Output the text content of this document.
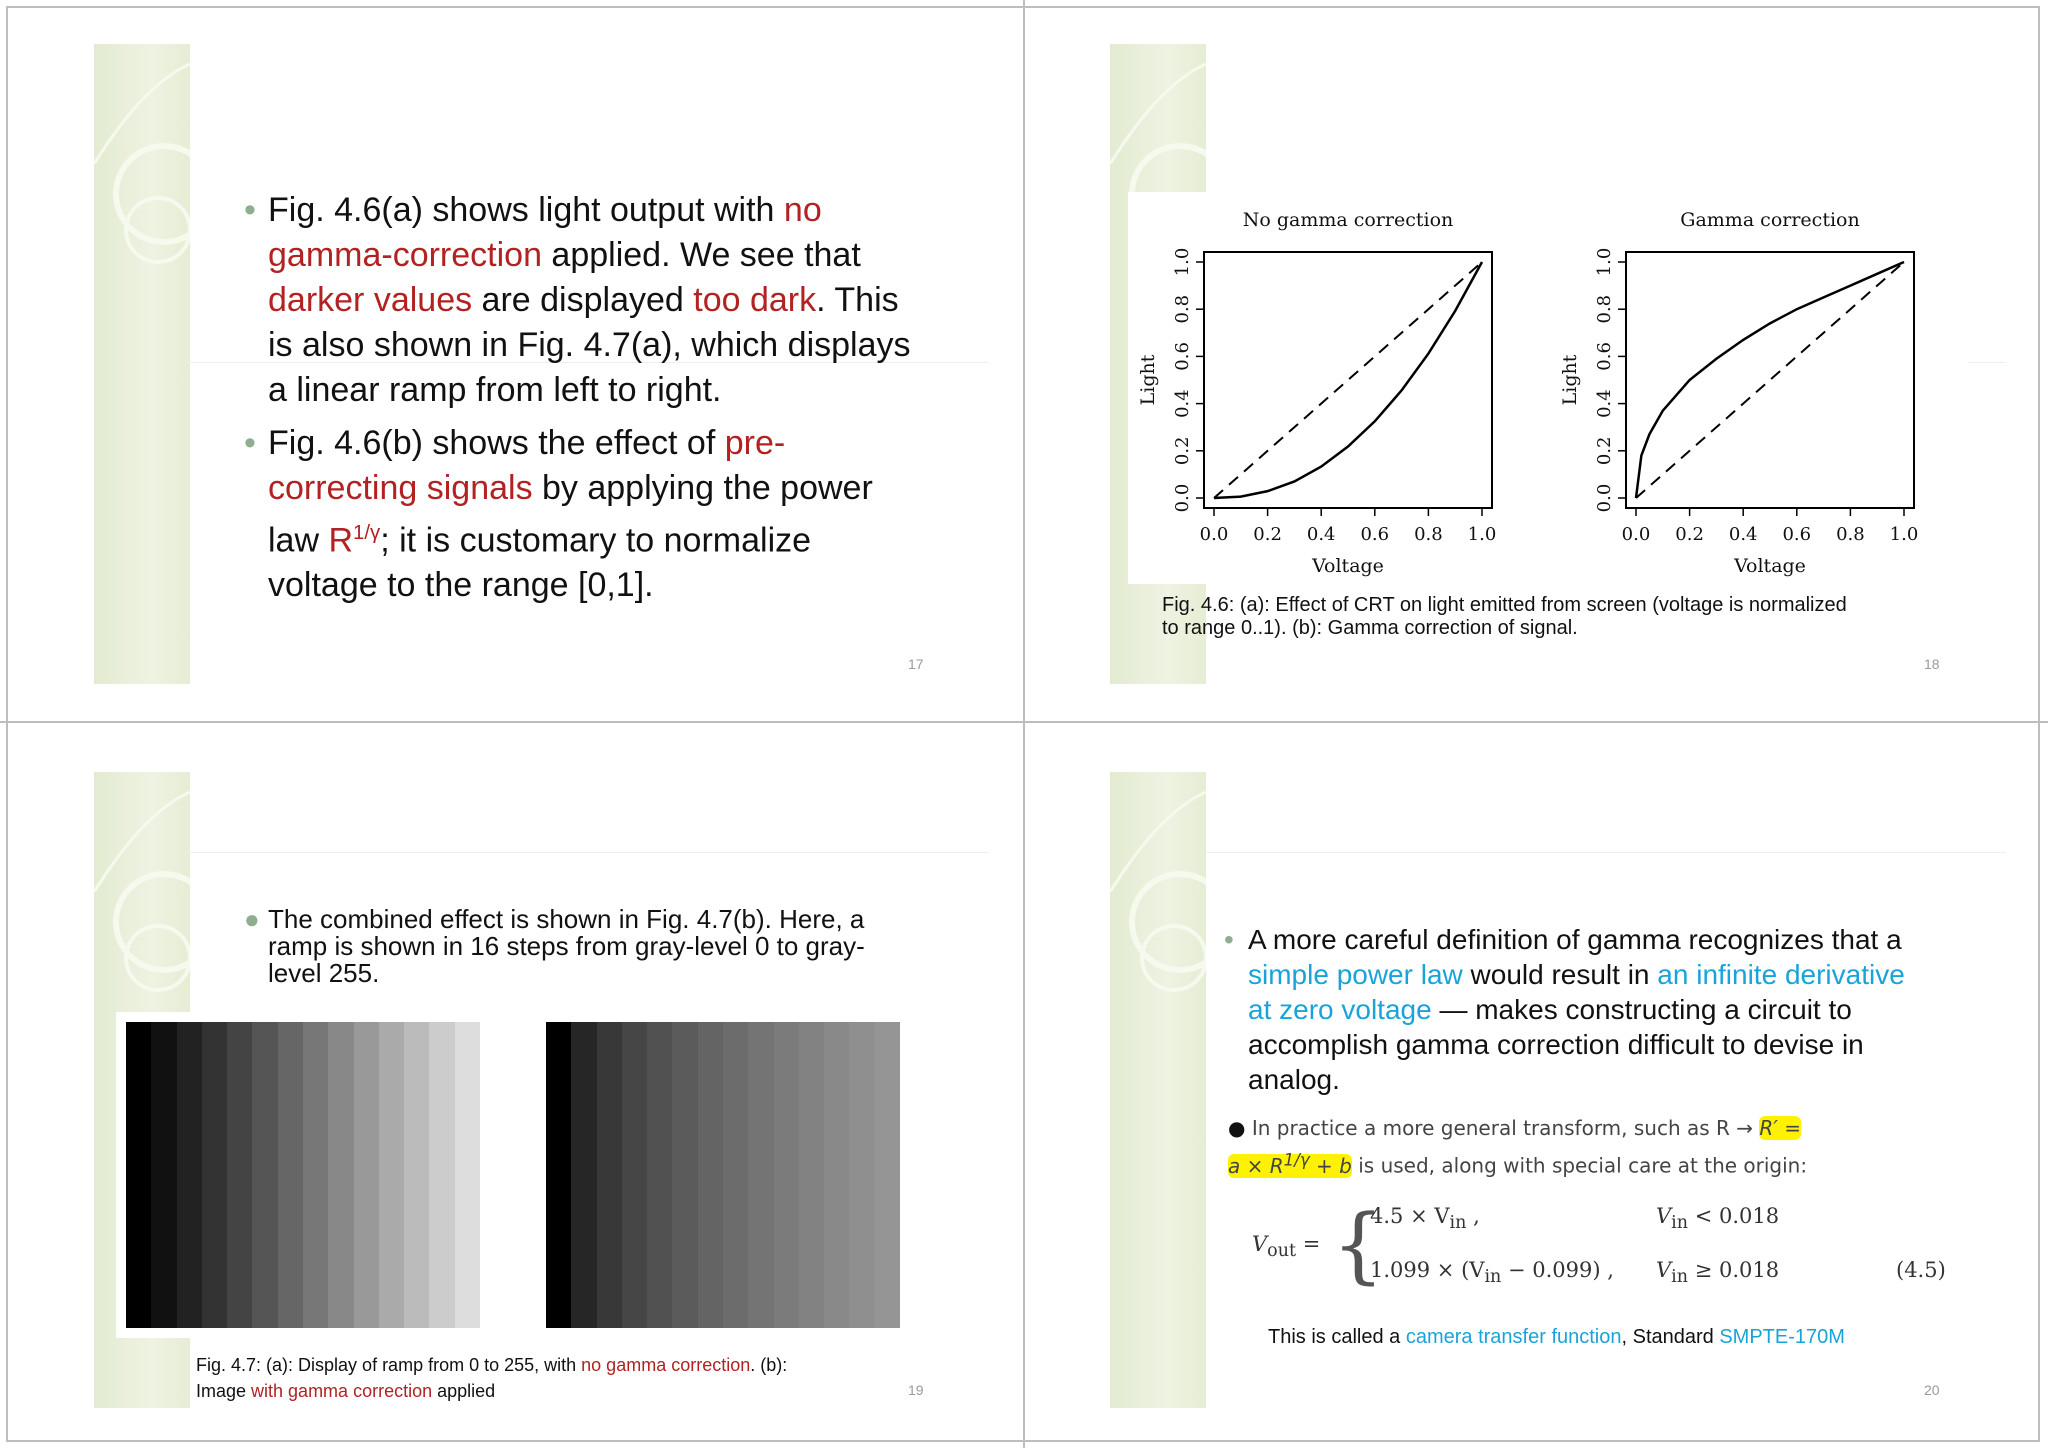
• Fig. 4.6(a) shows light output with no gamma-correction applied. We see that darker values are displayed too dark. This is also shown in Fig. 4.7(a), which displays a linear ramp from left to right.
• Fig. 4.6(b) shows the effect of pre-correcting signals by applying the power law $R^{1/\gamma}$; it is customary to normalize voltage to the range [0,1].
17	18
No gamma correction
Voltage
Light
0.0 0.2 0.4 0.6 0.8 1.0
0.0
0.2
0.4
0.6
0.8
1.0
Gamma correction
Voltage
Light
0.0 0.2 0.4 0.6 0.8 1.0
0.0
0.2
0.4
0.6
0.8
1.0
Fig. 4.6: (a): Effect of CRT on light emitted from screen (voltage is normalized
to range 0..1). (b): Gamma correction of signal.
● The combined effect is shown in Fig. 4.7(b). Here, a ramp is shown in 16 steps from gray-level 0 to gray-level 255.
Fig. 4.7: (a): Display of ramp from 0 to 255, with no gamma correction. (b):
Image with gamma correction applied	19
• A more careful definition of gamma recognizes that a simple power law would result in an infinite derivative at zero voltage — makes constructing a circuit to accomplish gamma correction difficult to devise in analog.
● In practice a more general transform, such as R → R′ =
$a \times R^{1/\gamma} + b$ is used, along with special care at the origin:
$V_{out}$ = {
$4.5 \times V_{in}$ ,	$V_{in} < 0.018$
$1.099 \times (V_{in} - 0.099)$ , $V_{in} \ge 0.018$	(4.5)
This is called a camera transfer function, Standard SMPTE-170M
20
